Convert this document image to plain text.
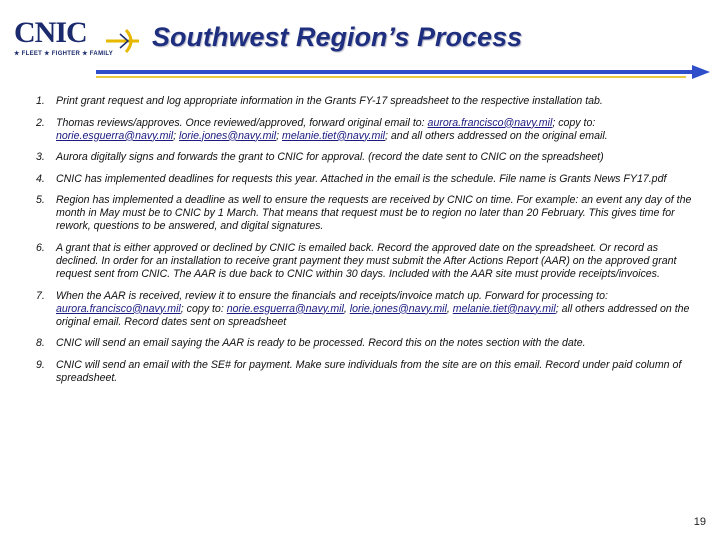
CNIC
★ FLEET ★ FIGHTER ★ FAMILY
Southwest Region’s Process
1. Print grant request and log appropriate information in the Grants FY-17 spreadsheet to the respective installation tab.
2. Thomas reviews/approves. Once reviewed/approved, forward original email to: aurora.francisco@navy.mil; copy to: norie.esguerra@navy.mil; lorie.jones@navy.mil; melanie.tiet@navy.mil; and all others addressed on the original email.
3. Aurora digitally signs and forwards the grant to CNIC for approval. (record the date sent to CNIC on the spreadsheet)
4. CNIC has implemented deadlines for requests this year. Attached in the email is the schedule. File name is Grants News FY17.pdf
5. Region has implemented a deadline as well to ensure the requests are received by CNIC on time. For example: an event any day of the month in May must be to CNIC by 1 March. That means that request must be to region no later than 20 February. This gives time for rework, questions to be answered, and digital signatures.
6. A grant that is either approved or declined by CNIC is emailed back. Record the approved date on the spreadsheet. Or record as declined. In order for an installation to receive grant payment they must submit the After Actions Report (AAR) on the approved grant request sent from CNIC. The AAR is due back to CNIC within 30 days. Included with the AAR site must provide receipts/invoices.
7. When the AAR is received, review it to ensure the financials and receipts/invoice match up. Forward for processing to: aurora.francisco@navy.mil; copy to: norie.esguerra@navy.mil, lorie.jones@navy.mil, melanie.tiet@navy.mil; all others addressed on the original email. Record dates sent on spreadsheet
8. CNIC will send an email saying the AAR is ready to be processed. Record this on the notes section with the date.
9. CNIC will send an email with the SE# for payment. Make sure individuals from the site are on this email. Record under paid column of spreadsheet.
19
